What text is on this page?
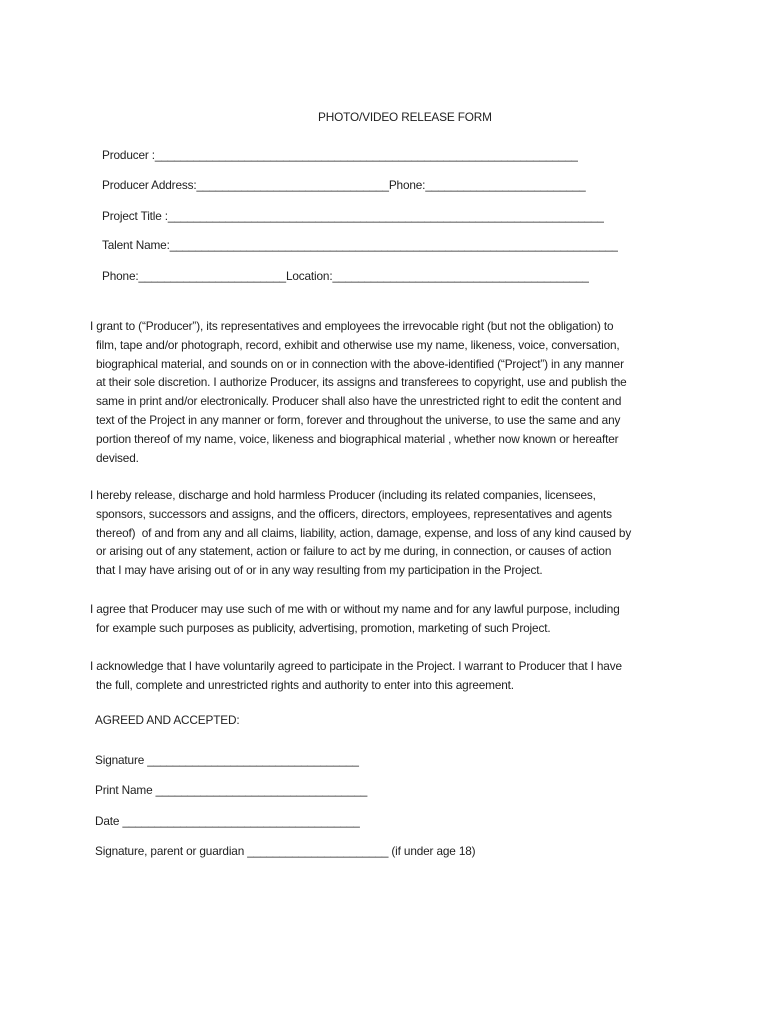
PHOTO/VIDEO RELEASE FORM
Producer :__________________________________________________________________
Producer Address:______________________________Phone:_________________________
Project Title :____________________________________________________________________
Talent Name:______________________________________________________________________
Phone:_______________________Location:________________________________________

I grant to (“Producer”), its representatives and employees the irrevocable right (but not the obligation) to
film, tape and/or photograph, record, exhibit and otherwise use my name, likeness, voice, conversation,
biographical material, and sounds on or in connection with the above-identified (“Project”) in any manner
at their sole discretion. I authorize Producer, its assigns and transferees to copyright, use and publish the
same in print and/or electronically. Producer shall also have the unrestricted right to edit the content and
text of the Project in any manner or form, forever and throughout the universe, to use the same and any
portion thereof of my name, voice, likeness and biographical material , whether now known or hereafter
devised.

I hereby release, discharge and hold harmless Producer (including its related companies, licensees,
sponsors, successors and assigns, and the officers, directors, employees, representatives and agents
thereof)  of and from any and all claims, liability, action, damage, expense, and loss of any kind caused by
or arising out of any statement, action or failure to act by me during, in connection, or causes of action
that I may have arising out of or in any way resulting from my participation in the Project.

I agree that Producer may use such of me with or without my name and for any lawful purpose, including
for example such purposes as publicity, advertising, promotion, marketing of such Project.

I acknowledge that I have voluntarily agreed to participate in the Project. I warrant to Producer that I have
the full, complete and unrestricted rights and authority to enter into this agreement.

AGREED AND ACCEPTED:
Signature _________________________________
Print Name _________________________________
Date _____________________________________
Signature, parent or guardian ______________________ (if under age 18)
